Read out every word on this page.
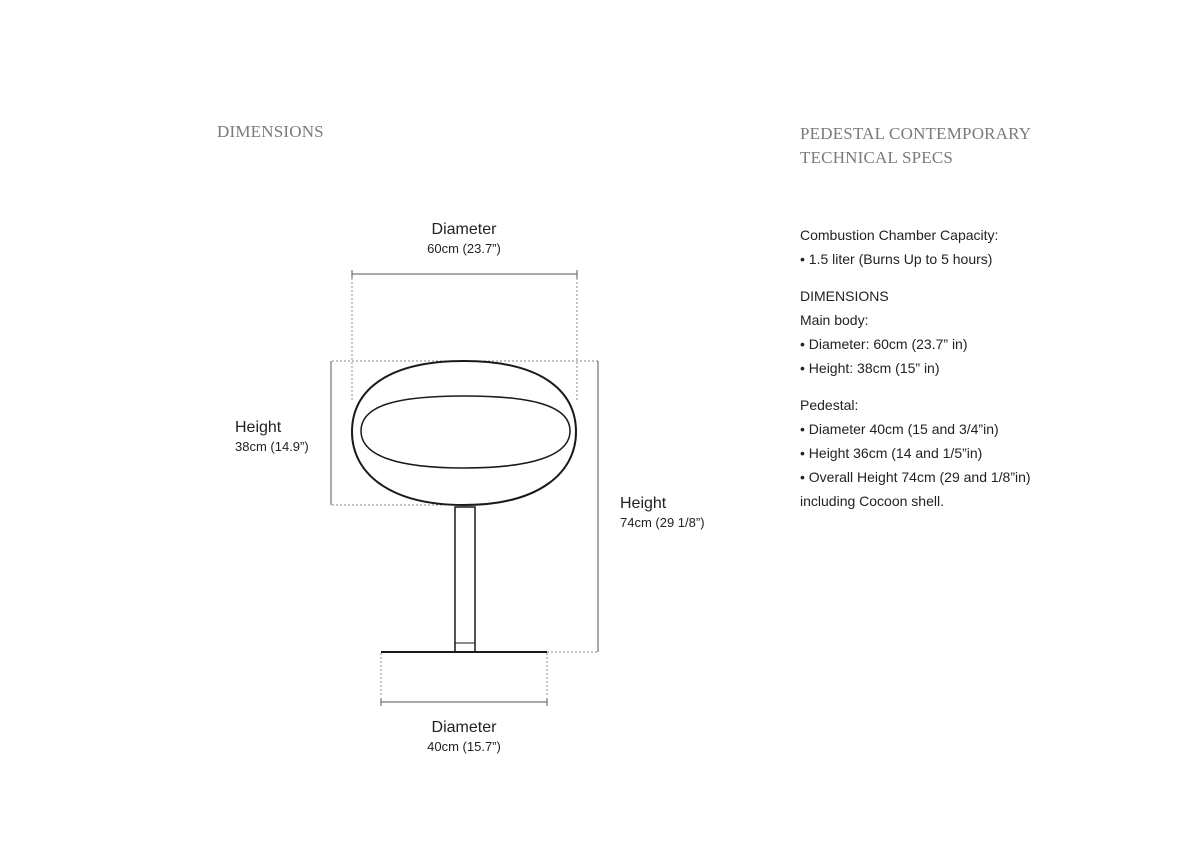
DIMENSIONS	PEDESTAL CONTEMPORARY
TECHNICAL SPECS
Diameter
60cm (23.7”)
Height
38cm (14.9”)
Height
74cm (29 1/8”)
Diameter
40cm (15.7”)

Combustion Chamber Capacity:

• 1.5 liter (Burns Up to 5 hours)

DIMENSIONS

Main body:

• Diameter: 60cm (23.7” in)

• Height: 38cm (15” in)

Pedestal:

• Diameter 40cm (15 and 3/4”in)

• Height 36cm (14 and 1/5”in)

• Overall Height 74cm (29 and 1/8”in) including Cocoon shell.
